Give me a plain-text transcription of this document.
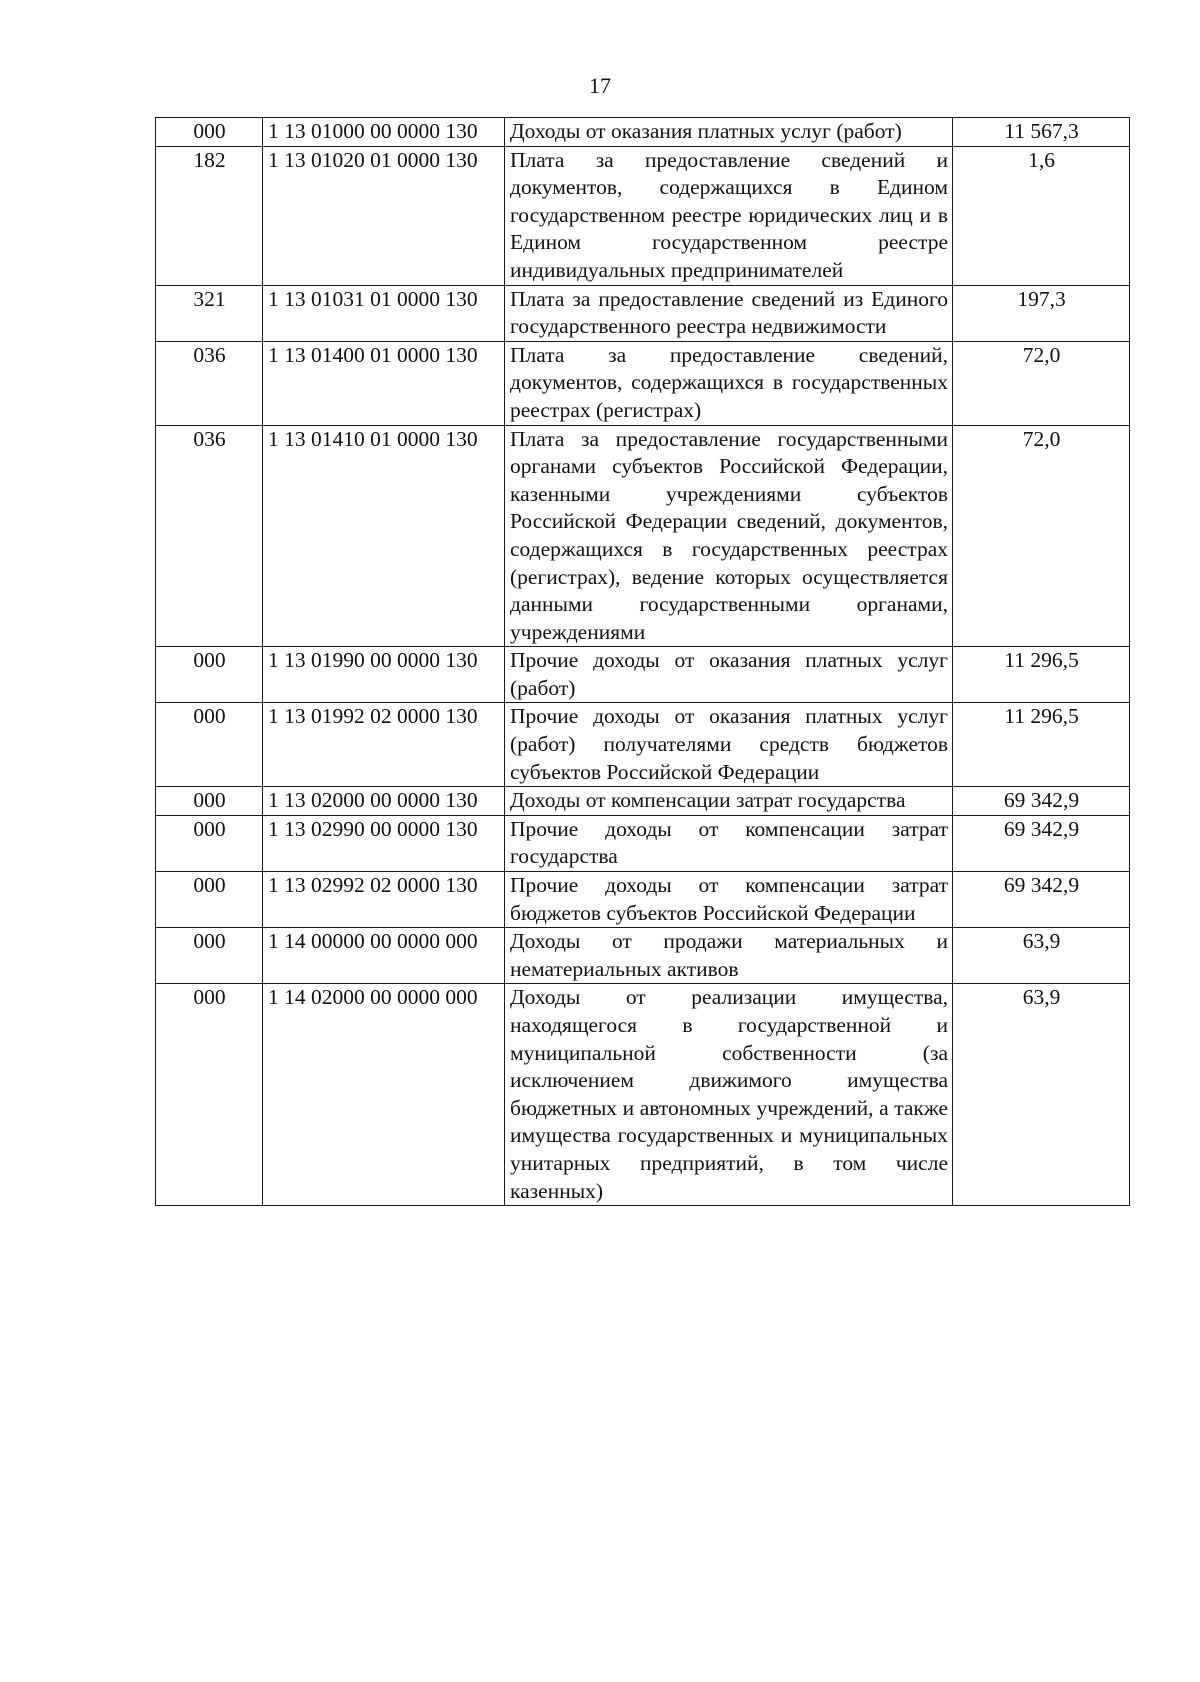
17
000	1 13 01000 00 0000 130	Доходы от оказания платных услуг (работ)	11 567,3
182	1 13 01020 01 0000 130	Плата за предоставление сведений и документов, содержащихся в Едином государственном реестре юридических лиц и в Едином государственном реестре индивидуальных предпринимателей	1,6
321	1 13 01031 01 0000 130	Плата за предоставление сведений из Единого государственного реестра недвижимости	197,3
036	1 13 01400 01 0000 130	Плата за предоставление сведений, документов, содержащихся в государственных реестрах (регистрах)	72,0
036	1 13 01410 01 0000 130	Плата за предоставление государственными органами субъектов Российской Федерации, казенными учреждениями субъектов Российской Федерации сведений, документов, содержащихся в государственных реестрах (регистрах), ведение которых осуществляется данными государственными органами, учреждениями	72,0
000	1 13 01990 00 0000 130	Прочие доходы от оказания платных услуг (работ)	11 296,5
000	1 13 01992 02 0000 130	Прочие доходы от оказания платных услуг (работ) получателями средств бюджетов субъектов Российской Федерации	11 296,5
000	1 13 02000 00 0000 130	Доходы от компенсации затрат государства	69 342,9
000	1 13 02990 00 0000 130	Прочие доходы от компенсации затрат государства	69 342,9
000	1 13 02992 02 0000 130	Прочие доходы от компенсации затрат бюджетов субъектов Российской Федерации	69 342,9
000	1 14 00000 00 0000 000	Доходы от продажи материальных и нематериальных активов	63,9
000	1 14 02000 00 0000 000	Доходы от реализации имущества, находящегося в государственной и муниципальной собственности (за исключением движимого имущества бюджетных и автономных учреждений, а также имущества государственных и муниципальных унитарных предприятий, в том числе казенных)	63,9
